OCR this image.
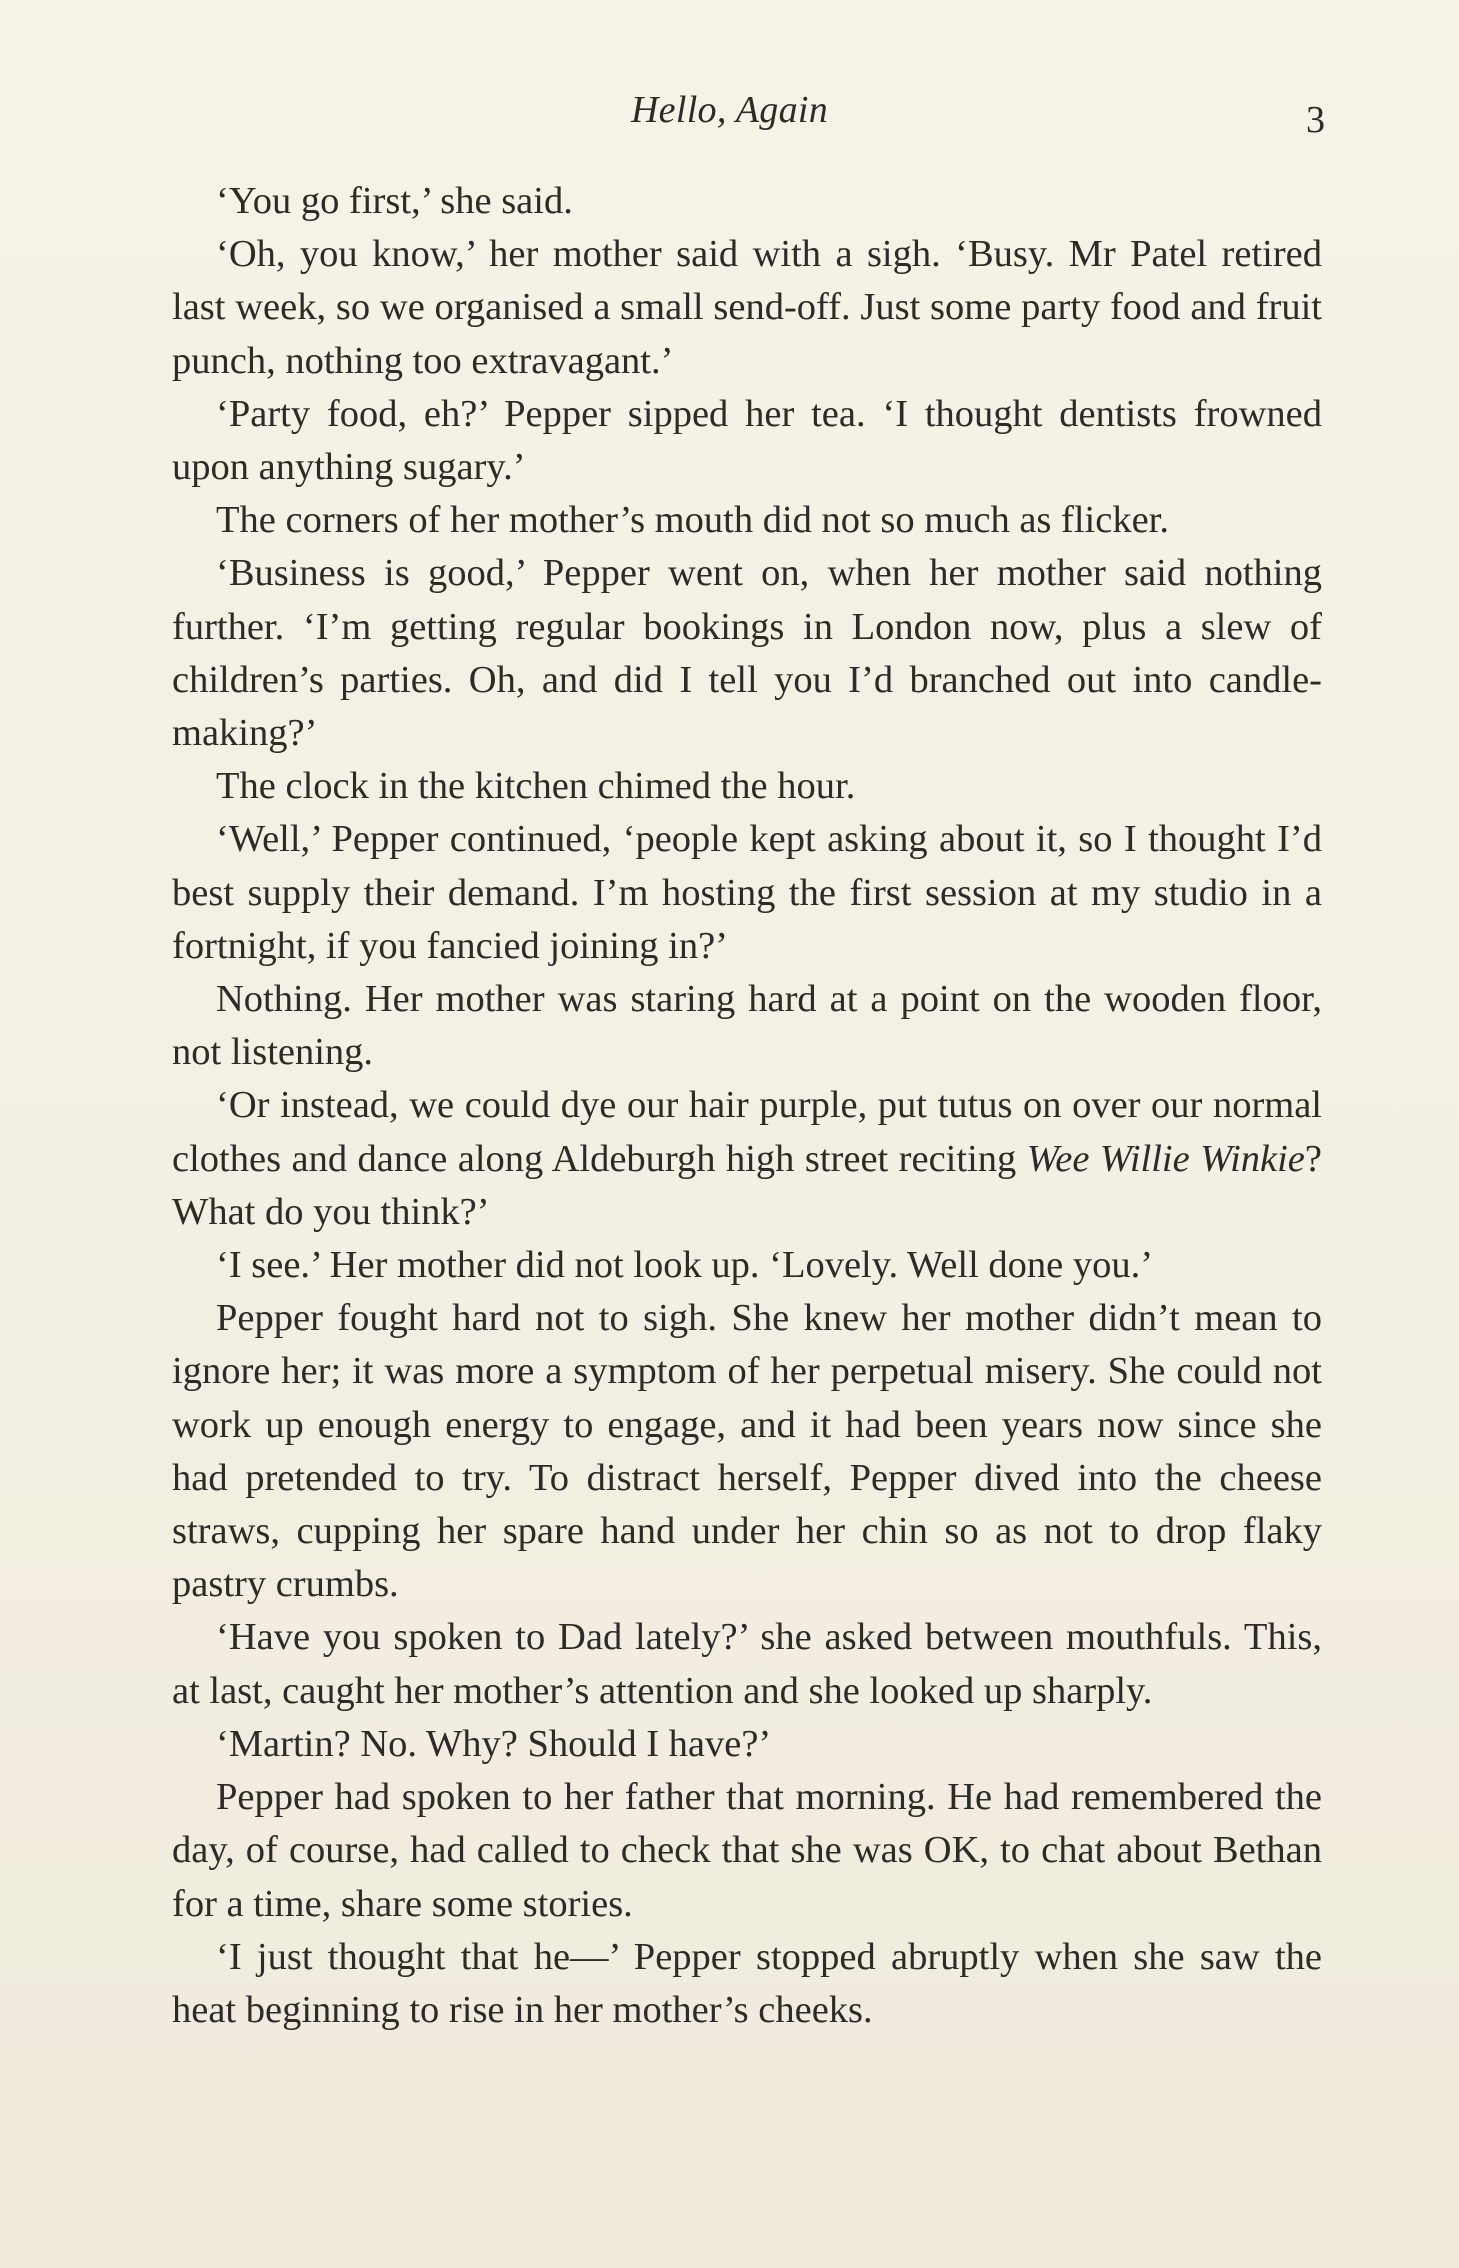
Hello, Again	3

‘You go first,’ she said.

‘Oh, you know,’ her mother said with a sigh. ‘Busy. Mr Patel retired last week, so we organised a small send-off. Just some party food and fruit punch, nothing too extravagant.’

‘Party food, eh?’ Pepper sipped her tea. ‘I thought dentists frowned upon anything sugary.’

The corners of her mother’s mouth did not so much as flicker.

‘Business is good,’ Pepper went on, when her mother said nothing further. ‘I’m getting regular bookings in London now, plus a slew of children’s parties. Oh, and did I tell you I’d branched out into candle-making?’

The clock in the kitchen chimed the hour.

‘Well,’ Pepper continued, ‘people kept asking about it, so I thought I’d best supply their demand. I’m hosting the first session at my studio in a fortnight, if you fancied joining in?’

Nothing. Her mother was staring hard at a point on the wooden floor, not listening.

‘Or instead, we could dye our hair purple, put tutus on over our normal clothes and dance along Aldeburgh high street reciting Wee Willie Winkie? What do you think?’

‘I see.’ Her mother did not look up. ‘Lovely. Well done you.’

Pepper fought hard not to sigh. She knew her mother didn’t mean to ignore her; it was more a symptom of her perpetual misery. She could not work up enough energy to engage, and it had been years now since she had pretended to try. To distract herself, Pepper dived into the cheese straws, cupping her spare hand under her chin so as not to drop flaky pastry crumbs.

‘Have you spoken to Dad lately?’ she asked between mouthfuls. This, at last, caught her mother’s attention and she looked up sharply.

‘Martin? No. Why? Should I have?’

Pepper had spoken to her father that morning. He had remembered the day, of course, had called to check that she was OK, to chat about Bethan for a time, share some stories.

‘I just thought that he—’ Pepper stopped abruptly when she saw the heat beginning to rise in her mother’s cheeks.
